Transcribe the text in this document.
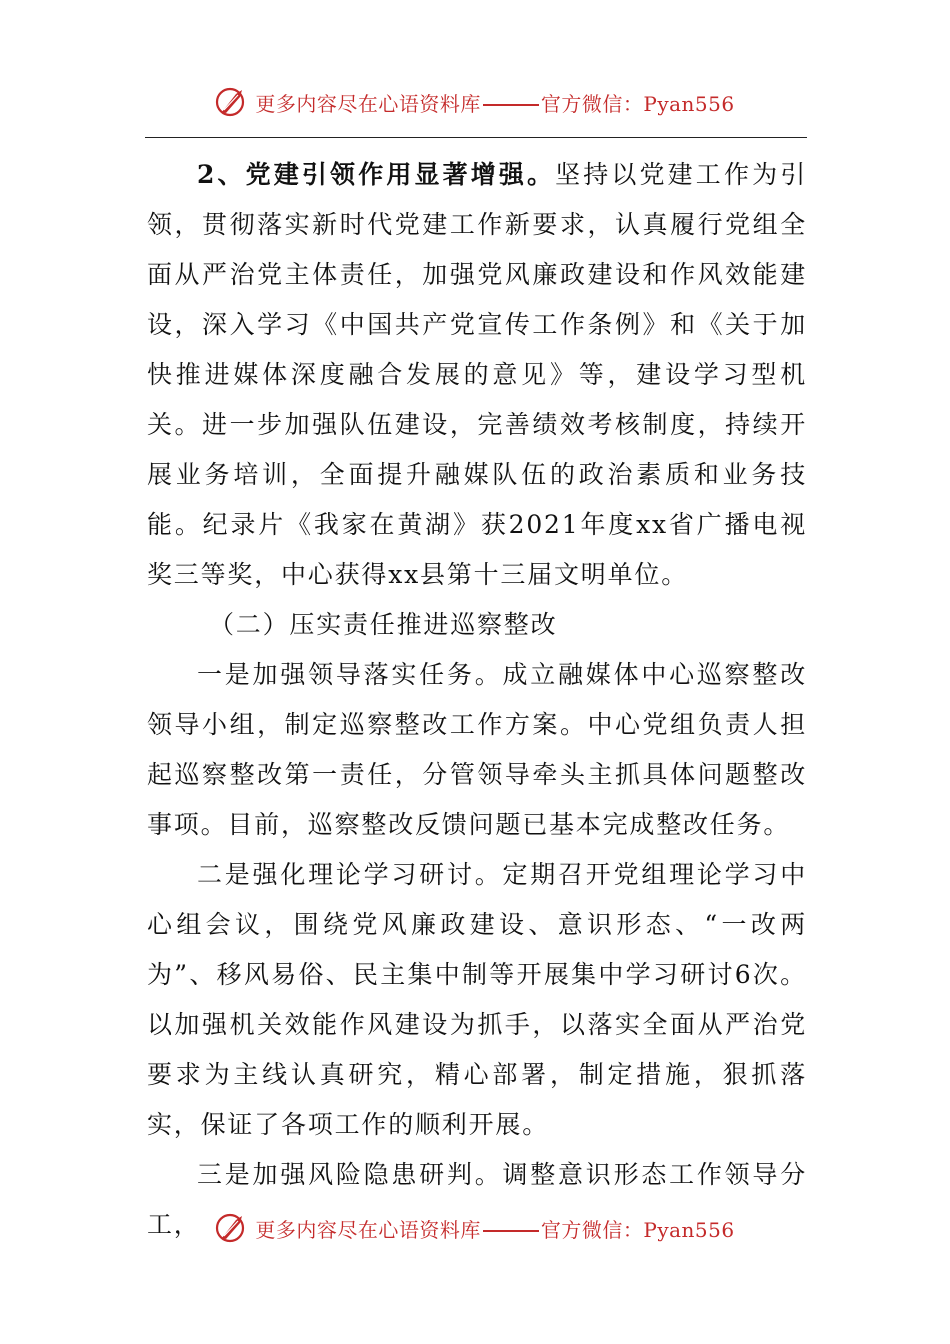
更多内容尽在心语资料库	官方微信：Pyan556

2、党建引领作用显著增强。坚持以党建工作为引领，贯彻落实新时代党建工作新要求，认真履行党组全面从严治党主体责任，加强党风廉政建设和作风效能建设，深入学习《中国共产党宣传工作条例》和《关于加快推进媒体深度融合发展的意见》等，建设学习型机关。进一步加强队伍建设，完善绩效考核制度，持续开展业务培训，全面提升融媒队伍的政治素质和业务技能。纪录片《我家在黄湖》获2021年度xx省广播电视奖三等奖，中心获得xx县第十三届文明单位。

（二）压实责任推进巡察整改

一是加强领导落实任务。成立融媒体中心巡察整改领导小组，制定巡察整改工作方案。中心党组负责人担起巡察整改第一责任，分管领导牵头主抓具体问题整改事项。目前，巡察整改反馈问题已基本完成整改任务。

二是强化理论学习研讨。定期召开党组理论学习中心组会议，围绕党风廉政建设、意识形态、“一改两为”、移风易俗、民主集中制等开展集中学习研讨6次。以加强机关效能作风建设为抓手，以落实全面从严治党要求为主线认真研究，精心部署，制定措施，狠抓落实，保证了各项工作的顺利开展。

三是加强风险隐患研判。调整意识形态工作领导分工，	更多内容尽在心语资料库	官方微信：Pyan556
